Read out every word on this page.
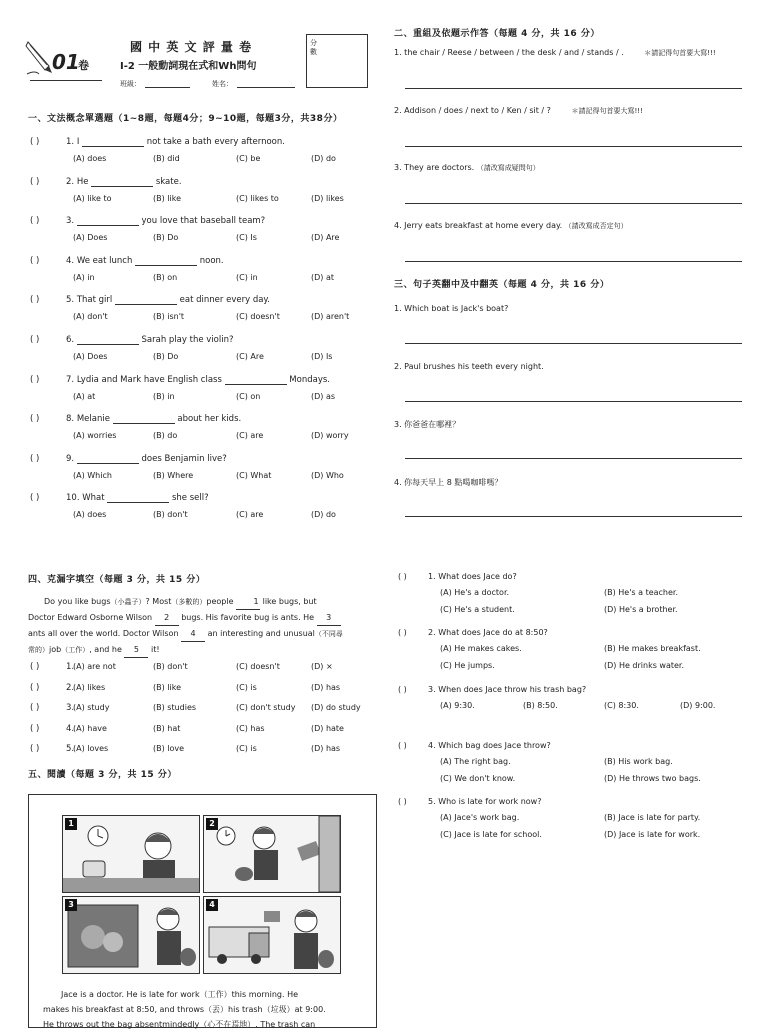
01
卷
國 中 英 文 評 量 卷
I-2 一般動詞現在式和Wh問句
班級：	姓名：
分數
一、文法概念單選題（1~8題，每題4分；9~10題，每題3分，共38分）
( )	1. I	not take a bath every afternoon.
(A) does	(B) did	(C) be	(D) do
( )	2. He	skate.
(A) like to	(B) like	(C) likes to	(D) likes
( )	3.	you love that baseball team?
(A) Does	(B) Do	(C) Is	(D) Are
( )	4. We eat lunch	noon.
(A) in	(B) on	(C) in	(D) at
( )	5. That girl	eat dinner every day.
(A) don't	(B) isn't	(C) doesn't	(D) aren't
( )	6.	Sarah play the violin?
(A) Does	(B) Do	(C) Are	(D) Is
( )	7. Lydia and Mark have English class	Mondays.
(A) at	(B) in	(C) on	(D) as
( )	8. Melanie	about her kids.
(A) worries	(B) do	(C) are	(D) worry
( )	9.	does Benjamin live?
(A) Which	(B) Where	(C) What	(D) Who
( )	10. What	she sell?
(A) does	(B) don't	(C) are	(D) do
二、重組及依題示作答（每題 4 分，共 16 分）
1. the chair / Reese / between / the desk / and / stands / .	＊請記得句首要大寫!!!
2. Addison / does / next to / Ken / sit / ?	＊請記得句首要大寫!!!
3. They are doctors. （請改寫成疑問句）
4. Jerry eats breakfast at home every day. （請改寫成否定句）
三、句子英翻中及中翻英（每題 4 分，共 16 分）
1. Which boat is Jack's boat?
2. Paul brushes his teeth every night.
3. 你爸爸在哪裡？
4. 你每天早上 8 點喝咖啡嗎？
四、克漏字填空（每題 3 分，共 15 分）
Do you like bugs（小蟲子）? Most（多數的）people	1 like bugs, but
Doctor Edward Osborne Wilson 2 bugs. His favorite bug is ants. He 3
ants all over the world. Doctor Wilson 4 an interesting and unusual（不同尋
常的）job（工作）, and he 5 it!
( )	1.
(A) are not	(B) don't	(C) doesn't	(D) ×
( )	2.
(A) likes	(B) like	(C) is	(D) has
( )	3.
(A) study	(B) studies	(C) don't study (D) do study
( )	4.
(A) have	(B) hat	(C) has	(D) hate
( )	5.
(A) loves	(B) love	(C) is	(D) has
五、閱讀（每題 3 分，共 15 分）
1	2
3	4
Jace is a doctor. He is late for work（工作）this morning. He
makes his breakfast at 8:50, and throws（丟）his trash（垃圾）at 9:00.
He throws out the bag absentmindedly（心不在焉地）. The trash can
( )	1. What does Jace do?
(A) He's a doctor.	(B) He's a teacher.
(C) He's a student.	(D) He's a brother.
( )	2. What does Jace do at 8:50?
(A) He makes cakes.	(B) He makes breakfast.
(C) He jumps.	(D) He drinks water.
( )	3. When does Jace throw his trash bag?
(A) 9:30.	(B) 8:50.	(C) 8:30.	(D) 9:00.
( )	4. Which bag does Jace throw?
(A) The right bag.	(B) His work bag.
(C) We don't know.	(D) He throws two bags.
( )	5. Who is late for work now?
(A) Jace's work bag.	(B) Jace is late for party.
(C) Jace is late for school.	(D) Jace is late for work.
